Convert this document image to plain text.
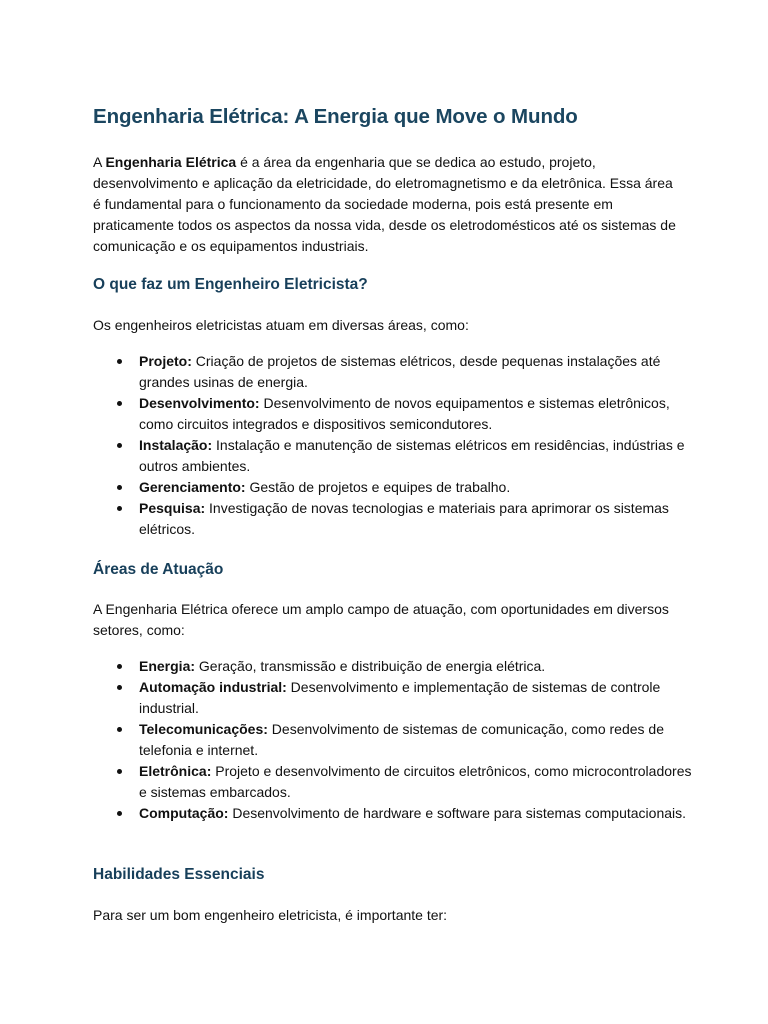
Engenharia Elétrica: A Energia que Move o Mundo

A Engenharia Elétrica é a área da engenharia que se dedica ao estudo, projeto, desenvolvimento e aplicação da eletricidade, do eletromagnetismo e da eletrônica. Essa área é fundamental para o funcionamento da sociedade moderna, pois está presente em praticamente todos os aspectos da nossa vida, desde os eletrodomésticos até os sistemas de comunicação e os equipamentos industriais.

O que faz um Engenheiro Eletricista?

Os engenheiros eletricistas atuam em diversas áreas, como:

Projeto: Criação de projetos de sistemas elétricos, desde pequenas instalações até grandes usinas de energia.
Desenvolvimento: Desenvolvimento de novos equipamentos e sistemas eletrônicos, como circuitos integrados e dispositivos semicondutores.
Instalação: Instalação e manutenção de sistemas elétricos em residências, indústrias e outros ambientes.
Gerenciamento: Gestão de projetos e equipes de trabalho.
Pesquisa: Investigação de novas tecnologias e materiais para aprimorar os sistemas elétricos.
Áreas de Atuação

A Engenharia Elétrica oferece um amplo campo de atuação, com oportunidades em diversos setores, como:

Energia: Geração, transmissão e distribuição de energia elétrica.
Automação industrial: Desenvolvimento e implementação de sistemas de controle industrial.
Telecomunicações: Desenvolvimento de sistemas de comunicação, como redes de telefonia e internet.
Eletrônica: Projeto e desenvolvimento de circuitos eletrônicos, como microcontroladores e sistemas embarcados.
Computação: Desenvolvimento de hardware e software para sistemas computacionais.
Habilidades Essenciais

Para ser um bom engenheiro eletricista, é importante ter:
